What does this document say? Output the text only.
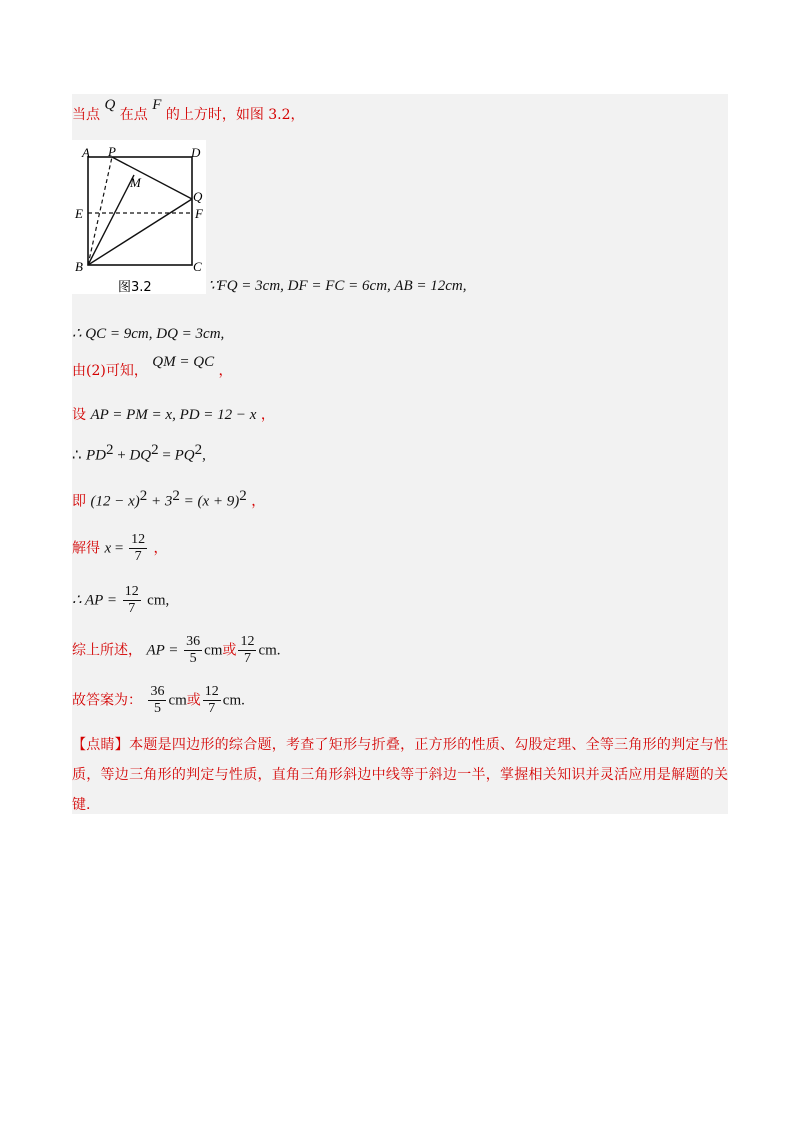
当点 Q 在点 F 的上方时，如图 3.2，
A P	D
M
Q
E	F
B	C
图3.2	∵FQ = 3cm, DF = FC = 6cm, AB = 12cm,
∴ QC = 9cm, DQ = 3cm,
由(2)可知， QM = QC ，
设 AP = PM = x, PD = 12 − x ，
∴ $PD^2 + DQ^2 = PQ^2$,
即 $(12 - x)^2 + 3^2 = (x + 9)^2$ ，
解得 $x = \frac{12}{7}$ ，
∴ AP = $\frac{12}{7}$ cm,
综上所述， AP = $\frac{36}{5}$ cm或 $\frac{12}{7}$ cm.
故答案为： $\frac{36}{5}$ cm或 $\frac{12}{7}$ cm.
【点睛】本题是四边形的综合题，考查了矩形与折叠，正方形的性质、勾股定理、全等三角形的判定与性质，等边三角形的判定与性质，直角三角形斜边中线等于斜边一半，掌握相关知识并灵活应用是解题的关键.
